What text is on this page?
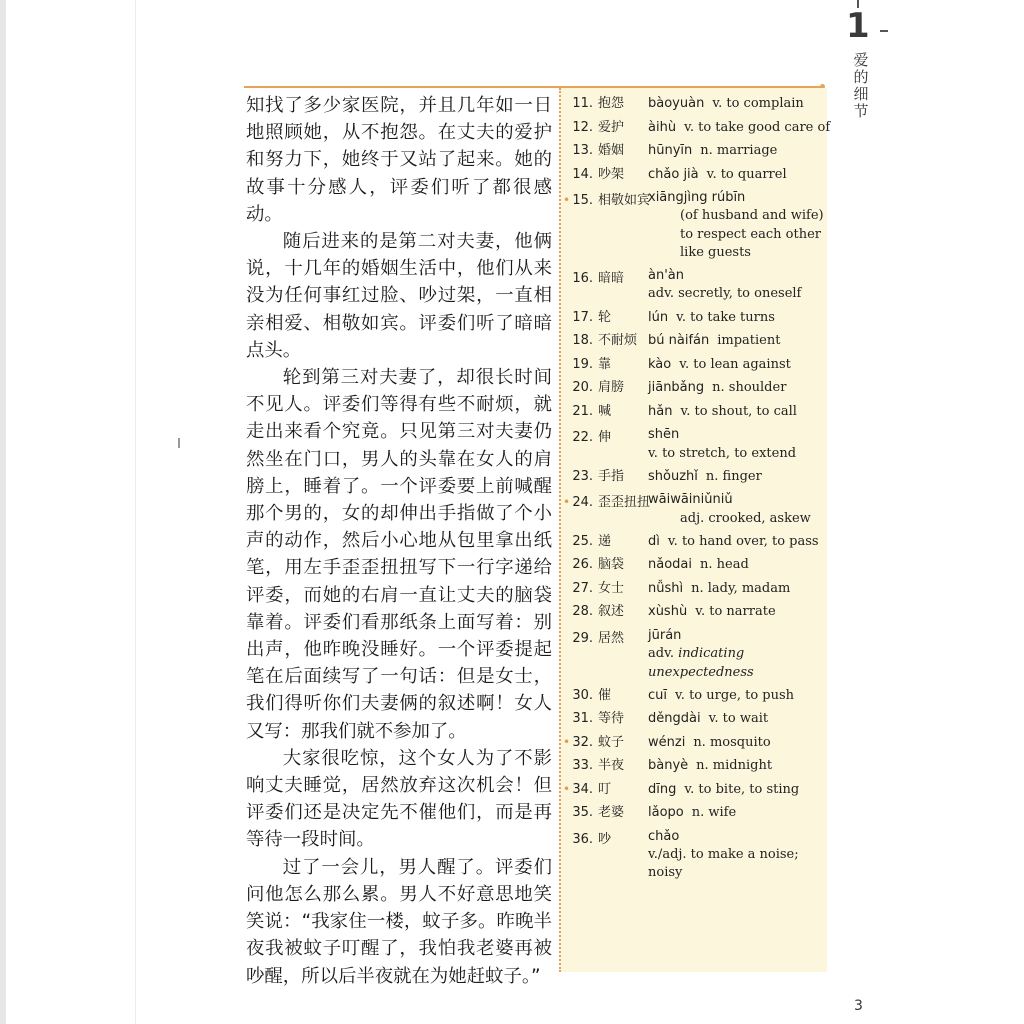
1
爱的细节

知找了多少家医院，并且几年如一日地照顾她，从不抱怨。在丈夫的爱护和努力下，她终于又站了起来。她的故事十分感人，评委们听了都很感动。

随后进来的是第二对夫妻，他俩说，十几年的婚姻生活中，他们从来没为任何事红过脸、吵过架，一直相亲相爱、相敬如宾。评委们听了暗暗点头。

轮到第三对夫妻了，却很长时间不见人。评委们等得有些不耐烦，就走出来看个究竟。只见第三对夫妻仍然坐在门口，男人的头靠在女人的肩膀上，睡着了。一个评委要上前喊醒那个男的，女的却伸出手指做了个小声的动作，然后小心地从包里拿出纸笔，用左手歪歪扭扭写下一行字递给评委，而她的右肩一直让丈夫的脑袋靠着。评委们看那纸条上面写着：别出声，他昨晚没睡好。一个评委提起笔在后面续写了一句话：但是女士，我们得听你们夫妻俩的叙述啊！女人又写：那我们就不参加了。

大家很吃惊，这个女人为了不影响丈夫睡觉，居然放弃这次机会！但评委们还是决定先不催他们，而是再等待一段时间。

过了一会儿，男人醒了。评委们问他怎么那么累。男人不好意思地笑笑说：“我家住一楼，蚊子多。昨晚半夜我被蚊子叮醒了，我怕我老婆再被吵醒，所以后半夜就在为她赶蚊子。”

11 . 抱怨 bàoyuàn v. to complain
12 . 爱护 àihù v. to take good care of
13 . 婚姻 hūnyīn n. marriage
14 . 吵架 chǎo jià v. to quarrel
• 15 . 相敬如宾
xiāngjìng rúbīn
(of husband and wife) to respect each other like guests
16 . 暗暗 àn'àn
adv. secretly, to oneself
17 . 轮	lún v. to take turns
18 . 不耐烦 bú nàifán impatient
19 . 靠	kào v. to lean against
20 . 肩膀 jiānbǎng n. shoulder
21 . 喊	hǎn v. to shout, to call
22 . 伸	shēn
v. to stretch, to extend
23 . 手指 shǒuzhǐ n. finger
• 24 . 歪歪扭扭
wāiwāiniǔniǔ
adj. crooked, askew
25 . 递	dì v. to hand over, to pass
26 . 脑袋 nǎodai n. head
27 . 女士 nǚshì n. lady, madam
28 . 叙述 xùshù v. to narrate
29 . 居然 jūrán
adv. indicating unexpectedness
30 . 催	cuī v. to urge, to push
31 . 等待 děngdài v. to wait
• 32 . 蚊子 wénzi n. mosquito
33 . 半夜 bànyè n. midnight
• 34 . 叮	dīng v. to bite, to sting
35 . 老婆 lǎopo n. wife
36 . 吵	chǎo
v./adj. to make a noise; noisy
3
